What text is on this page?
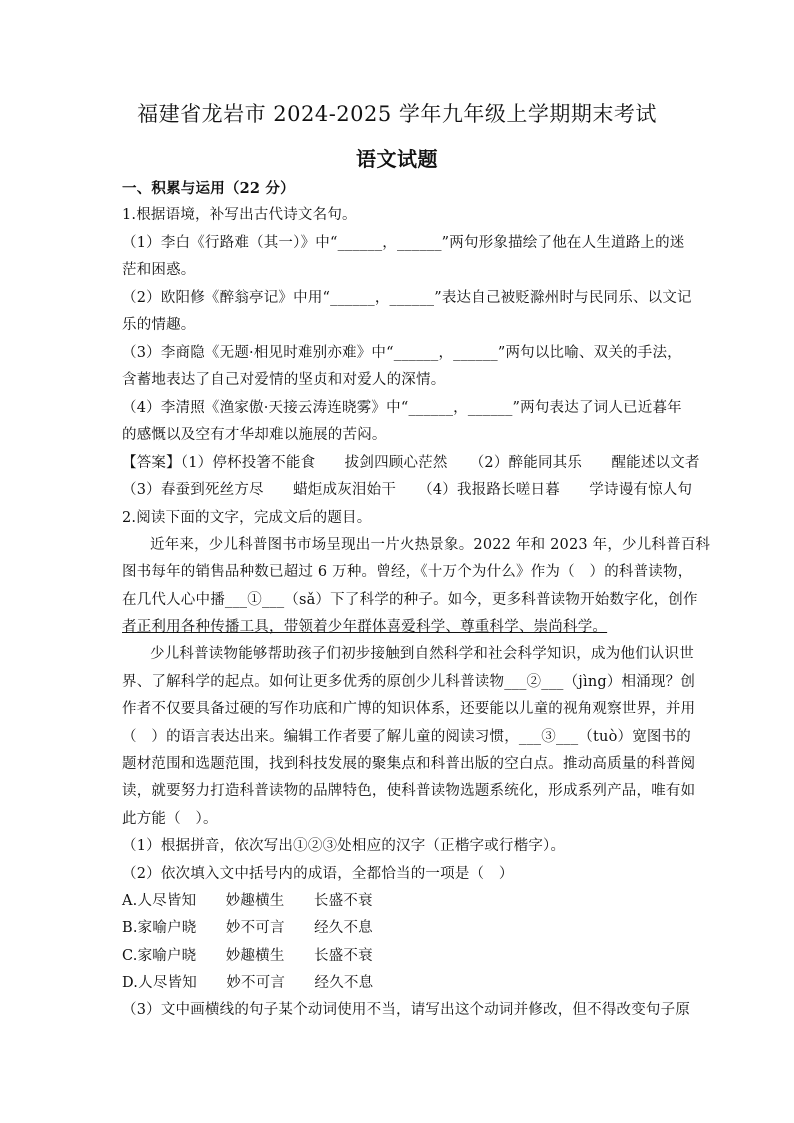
福建省龙岩市 2024-2025 学年九年级上学期期末考试
语文试题
一、积累与运用（22 分）
1.根据语境，补写出古代诗文名句。
（1）李白《行路难（其一）》中“______，______”两句形象描绘了他在人生道路上的迷
茫和困惑。
（2）欧阳修《醉翁亭记》中用“______，______”表达自己被贬滁州时与民同乐、以文记
乐的情趣。
（3）李商隐《无题·相见时难别亦难》中“______，______”两句以比喻、双关的手法，
含蓄地表达了自己对爱情的坚贞和对爱人的深情。
（4）李清照《渔家傲·天接云涛连晓雾》中“______，______”两句表达了词人已近暮年
的感慨以及空有才华却难以施展的苦闷。
【答案】（1）停杯投箸不能食　　拔剑四顾心茫然　　（2）醉能同其乐　　醒能述以文者
（3）春蚕到死丝方尽　　蜡炬成灰泪始干　　（4）我报路长嗟日暮　　学诗谩有惊人句
2.阅读下面的文字，完成文后的题目。
近年来，少儿科普图书市场呈现出一片火热景象。2022 年和 2023 年，少儿科普百科
图书每年的销售品种数已超过 6 万种。曾经，《十万个为什么》作为（　）的科普读物，
在几代人心中播___①___（sǎ）下了科学的种子。如今，更多科普读物开始数字化，创作
者正利用各种传播工具，带领着少年群体喜爱科学、尊重科学、崇尚科学。
少儿科普读物能够帮助孩子们初步接触到自然科学和社会科学知识，成为他们认识世
界、了解科学的起点。如何让更多优秀的原创少儿科普读物___②___（jìng）相涌现？创
作者不仅要具备过硬的写作功底和广博的知识体系，还要能以儿童的视角观察世界，并用
（　）的语言表达出来。编辑工作者要了解儿童的阅读习惯，___③___（tuò）宽图书的
题材范围和选题范围，找到科技发展的聚集点和科普出版的空白点。推动高质量的科普阅
读，就要努力打造科普读物的品牌特色，使科普读物选题系统化，形成系列产品，唯有如
此方能（　）。
（1）根据拼音，依次写出①②③处相应的汉字（正楷字或行楷字）。
（2）依次填入文中括号内的成语，全都恰当的一项是（　）
A.人尽皆知　　妙趣横生　　长盛不衰
B.家喻户晓　　妙不可言　　经久不息
C.家喻户晓　　妙趣横生　　长盛不衰
D.人尽皆知　　妙不可言　　经久不息
（3）文中画横线的句子某个动词使用不当，请写出这个动词并修改，但不得改变句子原
